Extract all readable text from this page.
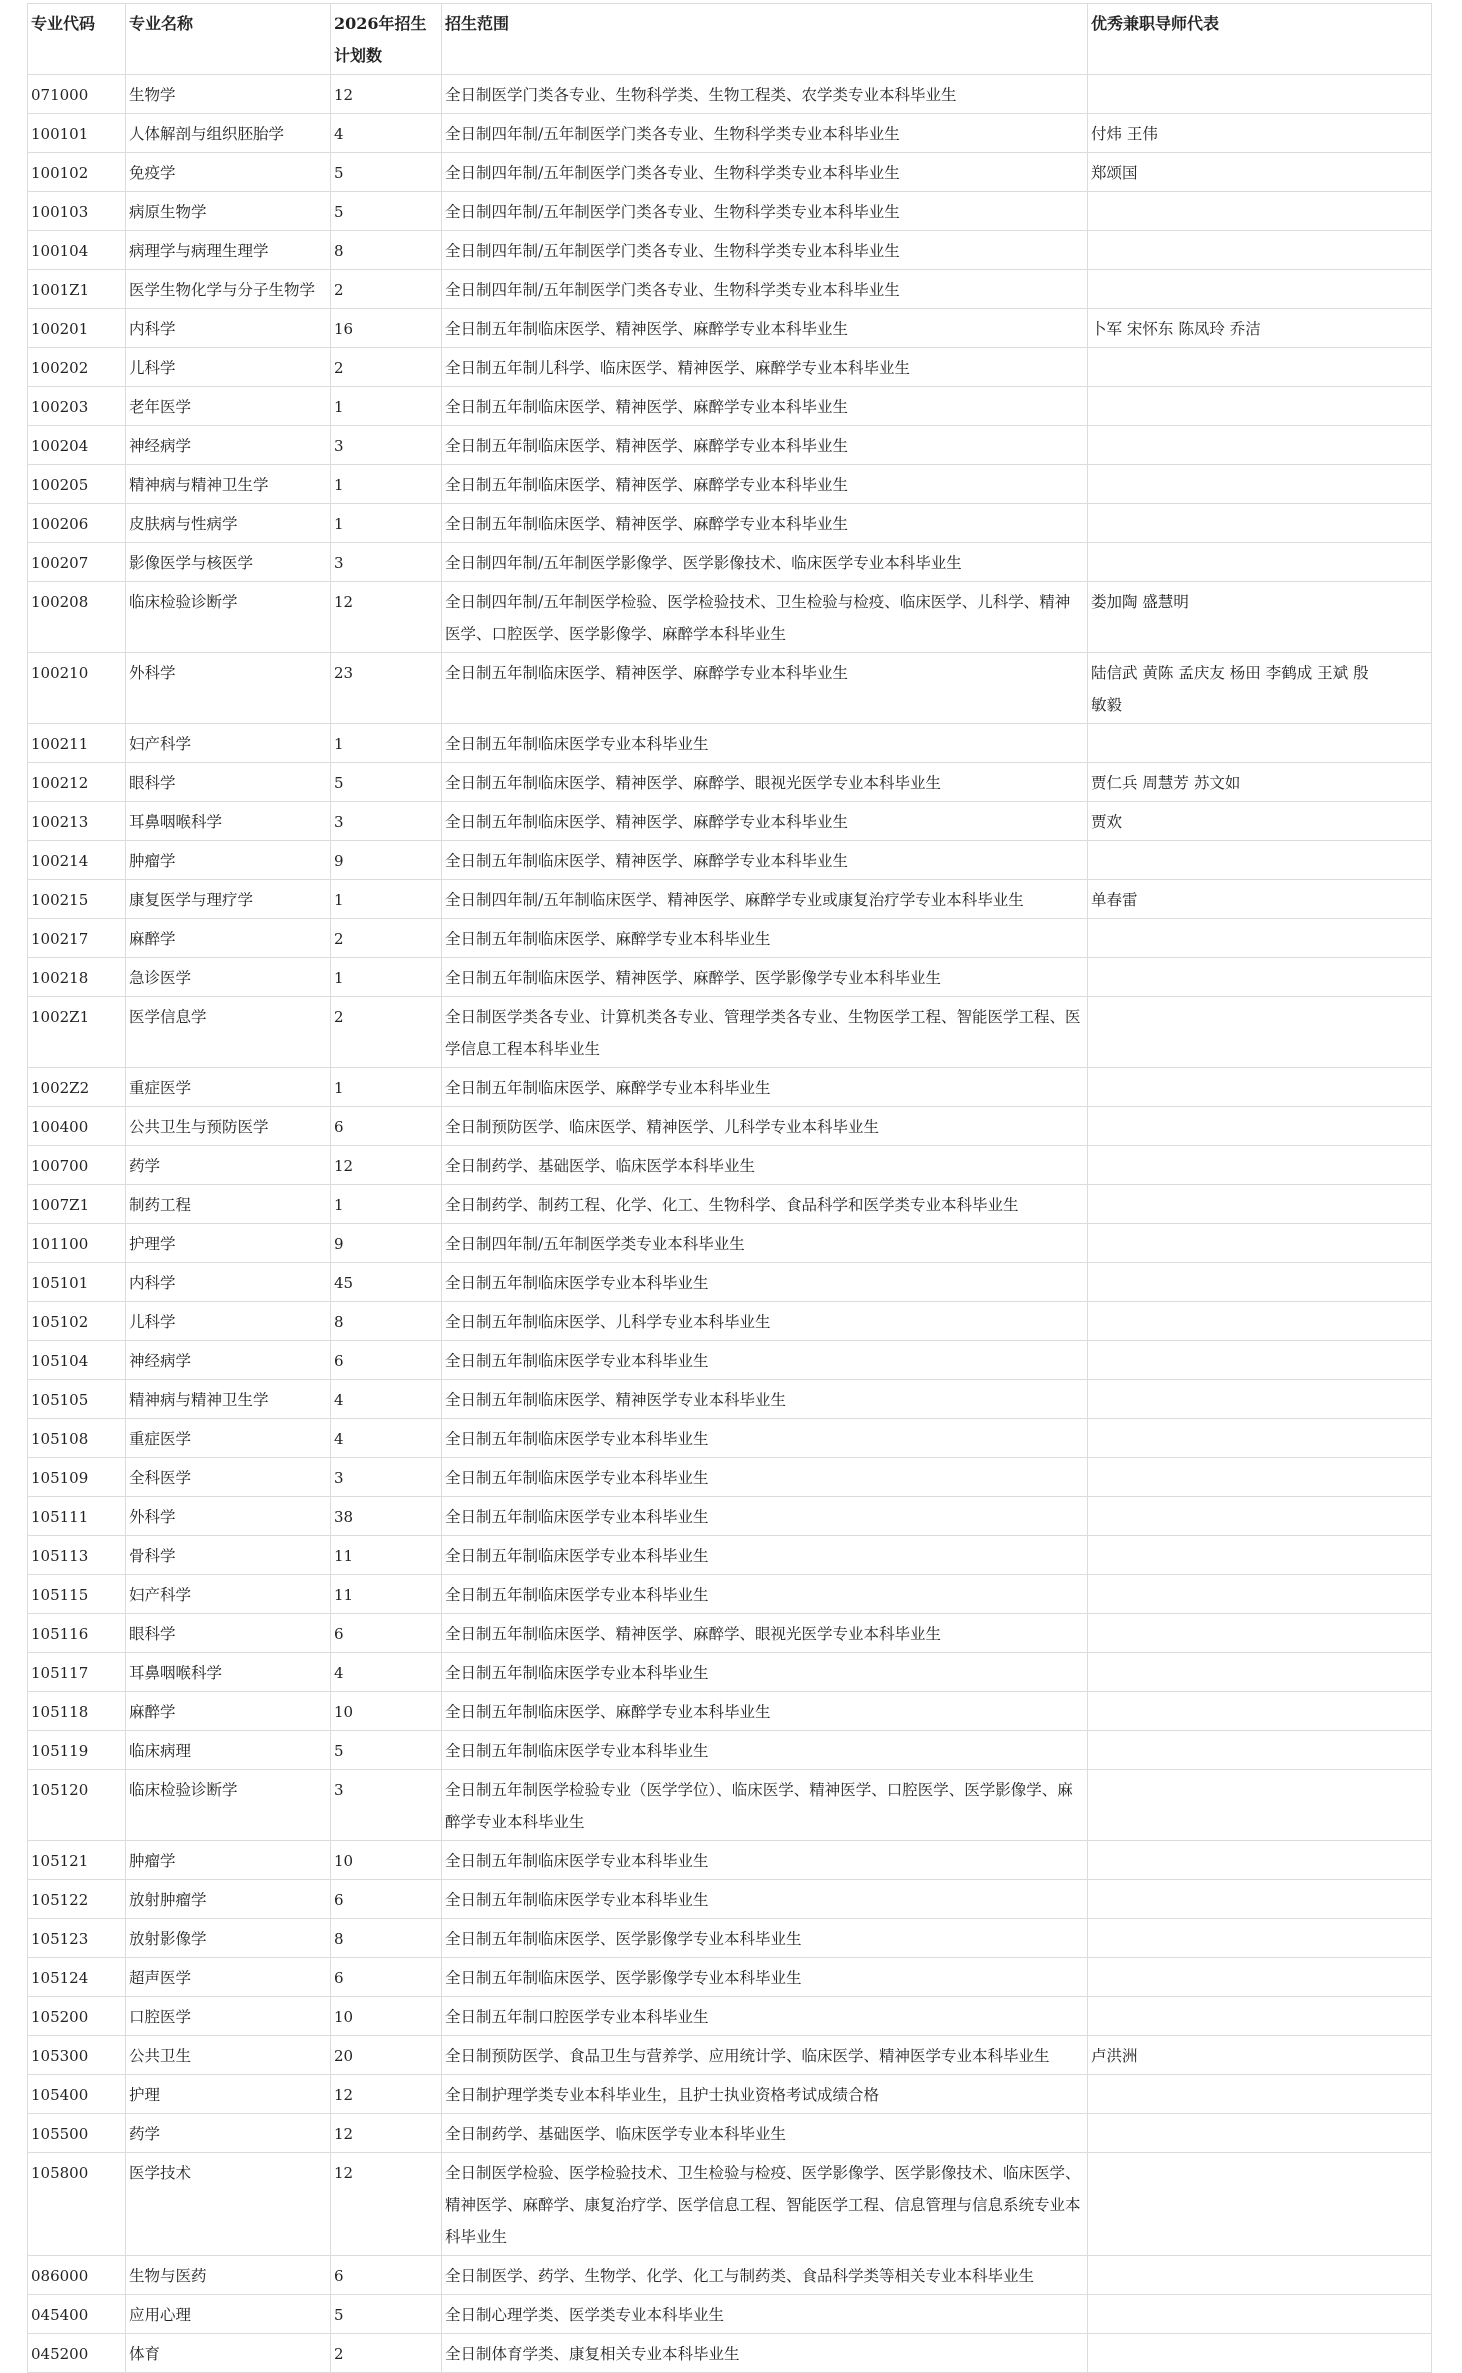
专业代码	专业名称	2026年招生计划数	招生范围	优秀兼职导师代表
071000	生物学	12	全日制医学门类各专业、生物科学类、生物工程类、农学类专业本科毕业生	
100101	人体解剖与组织胚胎学	4	全日制四年制/五年制医学门类各专业、生物科学类专业本科毕业生	付炜 王伟
100102	免疫学	5	全日制四年制/五年制医学门类各专业、生物科学类专业本科毕业生	郑颂国
100103	病原生物学	5	全日制四年制/五年制医学门类各专业、生物科学类专业本科毕业生	
100104	病理学与病理生理学	8	全日制四年制/五年制医学门类各专业、生物科学类专业本科毕业生	
1001Z1	医学生物化学与分子生物学	2	全日制四年制/五年制医学门类各专业、生物科学类专业本科毕业生	
100201	内科学	16	全日制五年制临床医学、精神医学、麻醉学专业本科毕业生	卜军 宋怀东 陈凤玲 乔洁
100202	儿科学	2	全日制五年制儿科学、临床医学、精神医学、麻醉学专业本科毕业生	
100203	老年医学	1	全日制五年制临床医学、精神医学、麻醉学专业本科毕业生	
100204	神经病学	3	全日制五年制临床医学、精神医学、麻醉学专业本科毕业生	
100205	精神病与精神卫生学	1	全日制五年制临床医学、精神医学、麻醉学专业本科毕业生	
100206	皮肤病与性病学	1	全日制五年制临床医学、精神医学、麻醉学专业本科毕业生	
100207	影像医学与核医学	3	全日制四年制/五年制医学影像学、医学影像技术、临床医学专业本科毕业生	
100208	临床检验诊断学	12	全日制四年制/五年制医学检验、医学检验技术、卫生检验与检疫、临床医学、儿科学、精神医学、口腔医学、医学影像学、麻醉学本科毕业生	娄加陶 盛慧明
100210	外科学	23	全日制五年制临床医学、精神医学、麻醉学专业本科毕业生	陆信武 黄陈 孟庆友 杨田 李鹤成 王斌 殷敏毅
100211	妇产科学	1	全日制五年制临床医学专业本科毕业生	
100212	眼科学	5	全日制五年制临床医学、精神医学、麻醉学、眼视光医学专业本科毕业生	贾仁兵 周慧芳 苏文如
100213	耳鼻咽喉科学	3	全日制五年制临床医学、精神医学、麻醉学专业本科毕业生	贾欢
100214	肿瘤学	9	全日制五年制临床医学、精神医学、麻醉学专业本科毕业生	
100215	康复医学与理疗学	1	全日制四年制/五年制临床医学、精神医学、麻醉学专业或康复治疗学专业本科毕业生	单春雷
100217	麻醉学	2	全日制五年制临床医学、麻醉学专业本科毕业生	
100218	急诊医学	1	全日制五年制临床医学、精神医学、麻醉学、医学影像学专业本科毕业生	
1002Z1	医学信息学	2	全日制医学类各专业、计算机类各专业、管理学类各专业、生物医学工程、智能医学工程、医学信息工程本科毕业生	
1002Z2	重症医学	1	全日制五年制临床医学、麻醉学专业本科毕业生	
100400	公共卫生与预防医学	6	全日制预防医学、临床医学、精神医学、儿科学专业本科毕业生	
100700	药学	12	全日制药学、基础医学、临床医学本科毕业生	
1007Z1	制药工程	1	全日制药学、制药工程、化学、化工、生物科学、食品科学和医学类专业本科毕业生	
101100	护理学	9	全日制四年制/五年制医学类专业本科毕业生	
105101	内科学	45	全日制五年制临床医学专业本科毕业生	
105102	儿科学	8	全日制五年制临床医学、儿科学专业本科毕业生	
105104	神经病学	6	全日制五年制临床医学专业本科毕业生	
105105	精神病与精神卫生学	4	全日制五年制临床医学、精神医学专业本科毕业生	
105108	重症医学	4	全日制五年制临床医学专业本科毕业生	
105109	全科医学	3	全日制五年制临床医学专业本科毕业生	
105111	外科学	38	全日制五年制临床医学专业本科毕业生	
105113	骨科学	11	全日制五年制临床医学专业本科毕业生	
105115	妇产科学	11	全日制五年制临床医学专业本科毕业生	
105116	眼科学	6	全日制五年制临床医学、精神医学、麻醉学、眼视光医学专业本科毕业生	
105117	耳鼻咽喉科学	4	全日制五年制临床医学专业本科毕业生	
105118	麻醉学	10	全日制五年制临床医学、麻醉学专业本科毕业生	
105119	临床病理	5	全日制五年制临床医学专业本科毕业生	
105120	临床检验诊断学	3	全日制五年制医学检验专业（医学学位）、临床医学、精神医学、口腔医学、医学影像学、麻醉学专业本科毕业生	
105121	肿瘤学	10	全日制五年制临床医学专业本科毕业生	
105122	放射肿瘤学	6	全日制五年制临床医学专业本科毕业生	
105123	放射影像学	8	全日制五年制临床医学、医学影像学专业本科毕业生	
105124	超声医学	6	全日制五年制临床医学、医学影像学专业本科毕业生	
105200	口腔医学	10	全日制五年制口腔医学专业本科毕业生	
105300	公共卫生	20	全日制预防医学、食品卫生与营养学、应用统计学、临床医学、精神医学专业本科毕业生	卢洪洲
105400	护理	12	全日制护理学类专业本科毕业生，且护士执业资格考试成绩合格	
105500	药学	12	全日制药学、基础医学、临床医学专业本科毕业生	
105800	医学技术	12	全日制医学检验、医学检验技术、卫生检验与检疫、医学影像学、医学影像技术、临床医学、精神医学、麻醉学、康复治疗学、医学信息工程、智能医学工程、信息管理与信息系统专业本科毕业生	
086000	生物与医药	6	全日制医学、药学、生物学、化学、化工与制药类、食品科学类等相关专业本科毕业生	
045400	应用心理	5	全日制心理学类、医学类专业本科毕业生	
045200	体育	2	全日制体育学类、康复相关专业本科毕业生	
